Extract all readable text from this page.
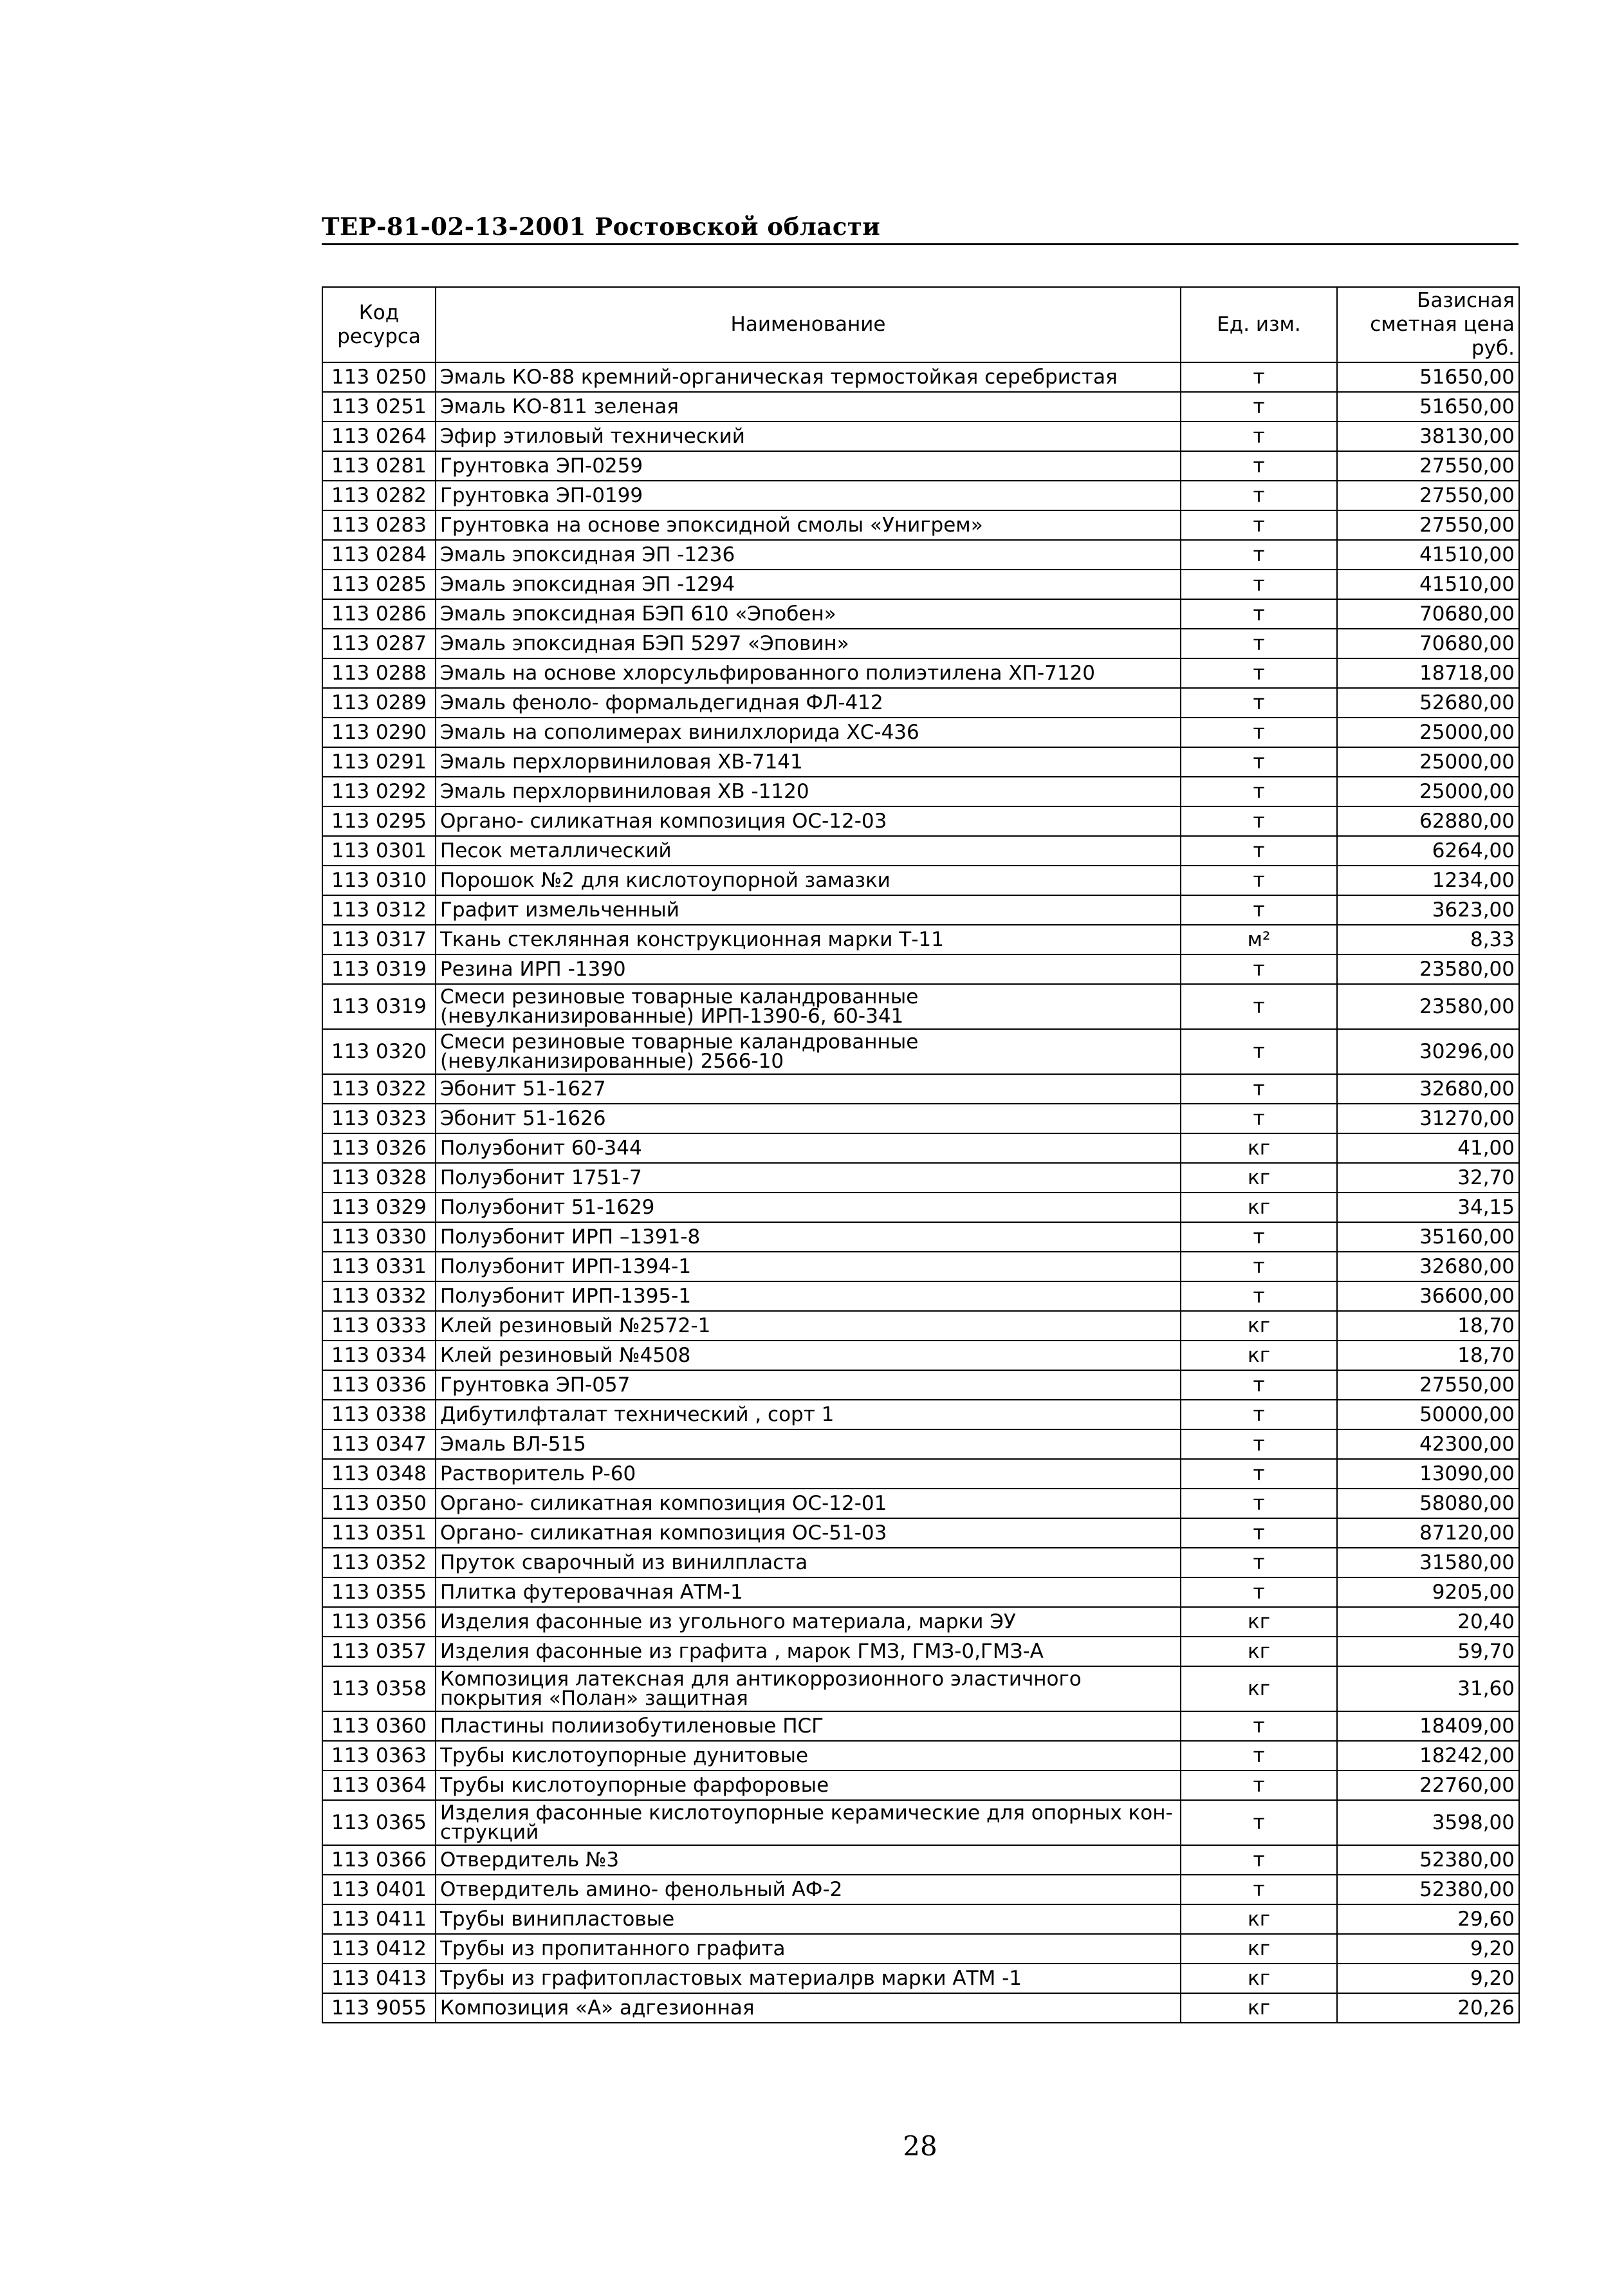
ТЕР-81-02-13-2001 Ростовской области
Код ресурса	Наименование	Ед. изм.	Базисная сметная цена руб.
113 0250	Эмаль КО-88 кремний-органическая термостойкая серебристая	т	51650,00
113 0251	Эмаль КО-811 зеленая	т	51650,00
113 0264	Эфир этиловый технический	т	38130,00
113 0281	Грунтовка ЭП-0259	т	27550,00
113 0282	Грунтовка ЭП-0199	т	27550,00
113 0283	Грунтовка на основе эпоксидной смолы «Унигрем»	т	27550,00
113 0284	Эмаль эпоксидная ЭП -1236	т	41510,00
113 0285	Эмаль эпоксидная ЭП -1294	т	41510,00
113 0286	Эмаль эпоксидная БЭП 610 «Эпобен»	т	70680,00
113 0287	Эмаль эпоксидная БЭП 5297 «Эповин»	т	70680,00
113 0288	Эмаль на основе хлорсульфированного полиэтилена ХП-7120	т	18718,00
113 0289	Эмаль феноло- формальдегидная ФЛ-412	т	52680,00
113 0290	Эмаль на сополимерах винилхлорида ХС-436	т	25000,00
113 0291	Эмаль перхлорвиниловая ХВ-7141	т	25000,00
113 0292	Эмаль перхлорвиниловая ХВ -1120	т	25000,00
113 0295	Органо- силикатная композиция ОС-12-03	т	62880,00
113 0301	Песок металлический	т	6264,00
113 0310	Порошок №2 для кислотоупорной замазки	т	1234,00
113 0312	Графит измельченный	т	3623,00
113 0317	Ткань стеклянная конструкционная марки Т-11	м²	8,33
113 0319	Резина ИРП -1390	т	23580,00
113 0319	Смеси резиновые товарные каландрованные (невулканизированные) ИРП-1390-6, 60-341	т	23580,00
113 0320	Смеси резиновые товарные каландрованные (невулканизированные) 2566-10	т	30296,00
113 0322	Эбонит 51-1627	т	32680,00
113 0323	Эбонит 51-1626	т	31270,00
113 0326	Полуэбонит 60-344	кг	41,00
113 0328	Полуэбонит 1751-7	кг	32,70
113 0329	Полуэбонит 51-1629	кг	34,15
113 0330	Полуэбонит ИРП –1391-8	т	35160,00
113 0331	Полуэбонит ИРП-1394-1	т	32680,00
113 0332	Полуэбонит ИРП-1395-1	т	36600,00
113 0333	Клей резиновый №2572-1	кг	18,70
113 0334	Клей резиновый №4508	кг	18,70
113 0336	Грунтовка ЭП-057	т	27550,00
113 0338	Дибутилфталат технический , сорт 1	т	50000,00
113 0347	Эмаль ВЛ-515	т	42300,00
113 0348	Растворитель Р-60	т	13090,00
113 0350	Органо- силикатная композиция ОС-12-01	т	58080,00
113 0351	Органо- силикатная композиция ОС-51-03	т	87120,00
113 0352	Пруток сварочный из винилпласта	т	31580,00
113 0355	Плитка футеровачная АТМ-1	т	9205,00
113 0356	Изделия фасонные из угольного материала, марки ЭУ	кг	20,40
113 0357	Изделия фасонные из графита , марок ГМЗ, ГМЗ-0,ГМЗ-А	кг	59,70
113 0358	Композиция латексная для антикоррозионного эластичного покрытия «Полан» защитная	кг	31,60
113 0360	Пластины полиизобутиленовые ПСГ	т	18409,00
113 0363	Трубы кислотоупорные дунитовые	т	18242,00
113 0364	Трубы кислотоупорные фарфоровые	т	22760,00
113 0365	Изделия фасонные кислотоупорные керамические для опорных кон-струкций	т	3598,00
113 0366	Отвердитель №3	т	52380,00
113 0401	Отвердитель амино- фенольный АФ-2	т	52380,00
113 0411	Трубы винипластовые	кг	29,60
113 0412	Трубы из пропитанного графита	кг	9,20
113 0413	Трубы из графитопластовых материалрв марки АТМ -1	кг	9,20
113 9055	Композиция «А» адгезионная	кг	20,26
28
